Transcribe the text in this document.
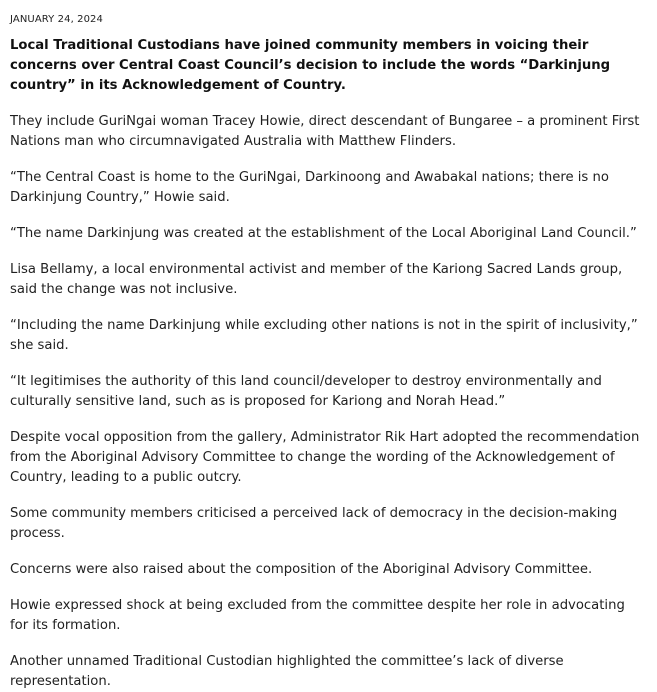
JANUARY 24, 2024

Local Traditional Custodians have joined community members in voicing their concerns over Central Coast Council’s decision to include the words “Darkinjung country” in its Acknowledgement of Country.

They include GuriNgai woman Tracey Howie, direct descendant of Bungaree – a prominent First Nations man who circumnavigated Australia with Matthew Flinders.

“The Central Coast is home to the GuriNgai, Darkinoong and Awabakal nations; there is no Darkinjung Country,” Howie said.

“The name Darkinjung was created at the establishment of the Local Aboriginal Land Council.”

Lisa Bellamy, a local environmental activist and member of the Kariong Sacred Lands group, said the change was not inclusive.

“Including the name Darkinjung while excluding other nations is not in the spirit of inclusivity,” she said.

“It legitimises the authority of this land council/developer to destroy environmentally and culturally sensitive land, such as is proposed for Kariong and Norah Head.”

Despite vocal opposition from the gallery, Administrator Rik Hart adopted the recommendation from the Aboriginal Advisory Committee to change the wording of the Acknowledgement of Country, leading to a public outcry.

Some community members criticised a perceived lack of democracy in the decision-making process.

Concerns were also raised about the composition of the Aboriginal Advisory Committee.

Howie expressed shock at being excluded from the committee despite her role in advocating for its formation.

Another unnamed Traditional Custodian highlighted the committee’s lack of diverse representation.
